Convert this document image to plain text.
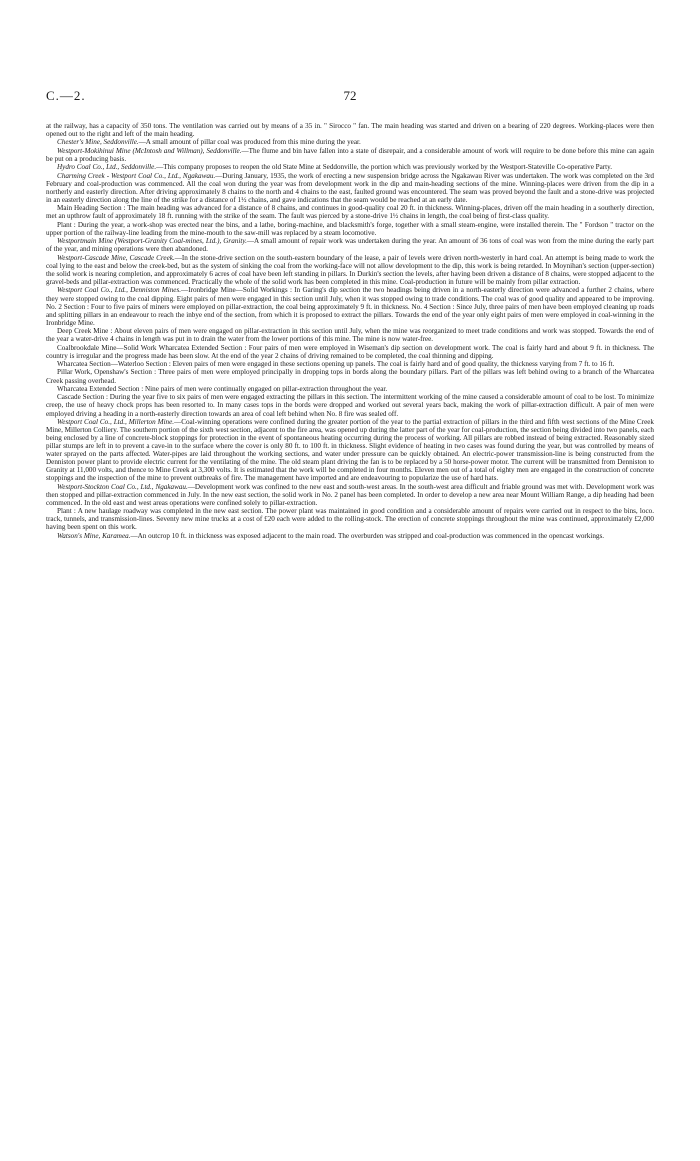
C.—2.	72

at the railway, has a capacity of 350 tons. The ventilation was carried out by means of a 35 in. " Sirocco " fan. The main heading was started and driven on a bearing of 220 degrees. Working-places were then opened out to the right and left of the main heading.

Chester's Mine, Seddonville.—A small amount of pillar coal was produced from this mine during the year.

Westport-Mokihinui Mine (McIntosh and Willman), Seddonville.—The flume and bin have fallen into a state of disrepair, and a considerable amount of work will require to be done before this mine can again be put on a producing basis.

Hydro Coal Co., Ltd., Seddonville.—This company proposes to reopen the old State Mine at Seddonville, the portion which was previously worked by the Westport-Stateville Co-operative Party.

Charming Creek - Westport Coal Co., Ltd., Ngakawau.—During January, 1935, the work of erecting a new suspension bridge across the Ngakawau River was undertaken. The work was completed on the 3rd February and coal-production was commenced. All the coal won during the year was from development work in the dip and main-heading sections of the mine. Winning-places were driven from the dip in a northerly and easterly direction. After driving approximately 8 chains to the north and 4 chains to the east, faulted ground was encountered. The seam was proved beyond the fault and a stone-drive was projected in an easterly direction along the line of the strike for a distance of 1½ chains, and gave indications that the seam would be reached at an early date.

Main Heading Section : The main heading was advanced for a distance of 8 chains, and continues in good-quality coal 20 ft. in thickness. Winning-places, driven off the main heading in a southerly direction, met an upthrow fault of approximately 18 ft. running with the strike of the seam. The fault was pierced by a stone-drive 1½ chains in length, the coal being of first-class quality.

Plant : During the year, a work-shop was erected near the bins, and a lathe, boring-machine, and blacksmith's forge, together with a small steam-engine, were installed therein. The " Fordson " tractor on the upper portion of the railway-line leading from the mine-mouth to the saw-mill was replaced by a steam locomotive.

Westportmain Mine (Westport-Granity Coal-mines, Ltd.), Granity.—A small amount of repair work was undertaken during the year. An amount of 36 tons of coal was won from the mine during the early part of the year, and mining operations were then abandoned.

Westport-Cascade Mine, Cascade Creek.—In the stone-drive section on the south-eastern boundary of the lease, a pair of levels were driven north-westerly in hard coal. An attempt is being made to work the coal lying to the east and below the creek-bed, but as the system of sinking the coal from the working-face will not allow development to the dip, this work is being retarded. In Moynihan's section (upper-section) the solid work is nearing completion, and approximately 6 acres of coal have been left standing in pillars. In Durkin's section the levels, after having been driven a distance of 8 chains, were stopped adjacent to the gravel-beds and pillar-extraction was commenced. Practically the whole of the solid work has been completed in this mine. Coal-production in future will be mainly from pillar extraction.

Westport Coal Co., Ltd., Denniston Mines.—Ironbridge Mine—Solid Workings : In Garing's dip section the two headings being driven in a north-easterly direction were advanced a further 2 chains, where they were stopped owing to the coal dipping. Eight pairs of men were engaged in this section until July, when it was stopped owing to trade conditions. The coal was of good quality and appeared to be improving. No. 2 Section : Four to five pairs of miners were employed on pillar-extraction, the coal being approximately 9 ft. in thickness. No. 4 Section : Since July, three pairs of men have been employed cleaning up roads and splitting pillars in an endeavour to reach the inbye end of the section, from which it is proposed to extract the pillars. Towards the end of the year only eight pairs of men were employed in coal-winning in the Ironbridge Mine.

Deep Creek Mine : About eleven pairs of men were engaged on pillar-extraction in this section until July, when the mine was reorganized to meet trade conditions and work was stopped. Towards the end of the year a water-drive 4 chains in length was put in to drain the water from the lower portions of this mine. The mine is now water-free.

Coalbrookdale Mine—Solid Work Wharcatea Extended Section : Four pairs of men were employed in Wiseman's dip section on development work. The coal is fairly hard and about 9 ft. in thickness. The country is irregular and the progress made has been slow. At the end of the year 2 chains of driving remained to be completed, the coal thinning and dipping.

Wharcatea Section—Waterloo Section : Eleven pairs of men were engaged in these sections opening up panels. The coal is fairly hard and of good quality, the thickness varying from 7 ft. to 16 ft.

Pillar Work, Openshaw's Section : Three pairs of men were employed principally in dropping tops in bords along the boundary pillars. Part of the pillars was left behind owing to a branch of the Wharcatea Creek passing overhead.

Wharcatea Extended Section : Nine pairs of men were continually engaged on pillar-extraction throughout the year.

Cascade Section : During the year five to six pairs of men were engaged extracting the pillars in this section. The intermittent working of the mine caused a considerable amount of coal to be lost. To minimize creep, the use of heavy chock props has been resorted to. In many cases tops in the bords were dropped and worked out several years back, making the work of pillar-extraction difficult. A pair of men were employed driving a heading in a north-easterly direction towards an area of coal left behind when No. 8 fire was sealed off.

Westport Coal Co., Ltd., Millerton Mine.—Coal-winning operations were confined during the greater portion of the year to the partial extraction of pillars in the third and fifth west sections of the Mine Creek Mine, Millerton Colliery. The southern portion of the sixth west section, adjacent to the fire area, was opened up during the latter part of the year for coal-production, the section being divided into two panels, each being enclosed by a line of concrete-block stoppings for protection in the event of spontaneous heating occurring during the process of working. All pillars are robbed instead of being extracted. Reasonably sized pillar stumps are left in to prevent a cave-in to the surface where the cover is only 80 ft. to 100 ft. in thickness. Slight evidence of heating in two cases was found during the year, but was controlled by means of water sprayed on the parts affected. Water-pipes are laid throughout the working sections, and water under pressure can be quickly obtained. An electric-power transmission-line is being constructed from the Denniston power plant to provide electric current for the ventilating of the mine. The old steam plant driving the fan is to be replaced by a 50 horse-power motor. The current will be transmitted from Denniston to Granity at 11,000 volts, and thence to Mine Creek at 3,300 volts. It is estimated that the work will be completed in four months. Eleven men out of a total of eighty men are engaged in the construction of concrete stoppings and the inspection of the mine to prevent outbreaks of fire. The management have imported and are endeavouring to popularize the use of hard hats.

Westport-Stockton Coal Co., Ltd., Ngakawau.—Development work was confined to the new east and south-west areas. In the south-west area difficult and friable ground was met with. Development work was then stopped and pillar-extraction commenced in July. In the new east section, the solid work in No. 2 panel has been completed. In order to develop a new area near Mount William Range, a dip heading had been commenced. In the old east and west areas operations were confined solely to pillar-extraction.

Plant : A new haulage roadway was completed in the new east section. The power plant was maintained in good condition and a considerable amount of repairs were carried out in respect to the bins, loco. track, tunnels, and transmission-lines. Seventy new mine trucks at a cost of £20 each were added to the rolling-stock. The erection of concrete stoppings throughout the mine was continued, approximately £2,000 having been spent on this work.

Watson's Mine, Karamea.—An outcrop 10 ft. in thickness was exposed adjacent to the main road. The overburden was stripped and coal-production was commenced in the opencast workings.
